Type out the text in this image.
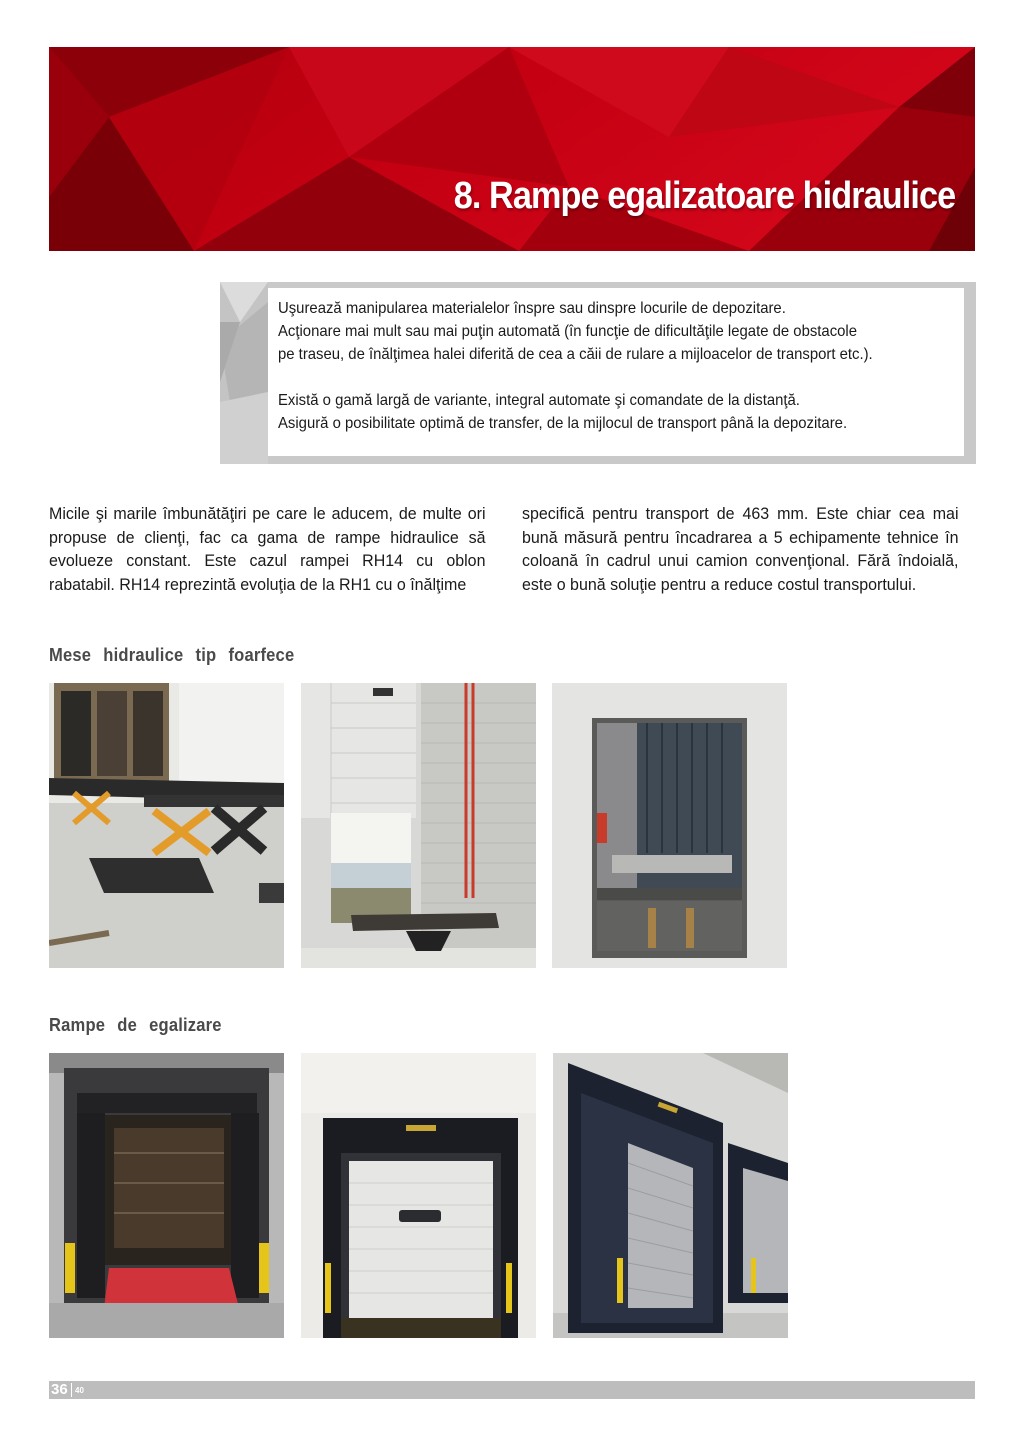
8. Rampe egalizatoare hidraulice

Uşurează manipularea materialelor înspre sau dinspre locurile de depozitare.

Acţionare mai mult sau mai puţin automată (în funcţie de dificultăţile legate de obstacole

pe traseu, de înălţimea halei diferită de cea a căii de rulare a mijloacelor de transport etc.).

Există o gamă largă de variante, integral automate şi comandate de la distanţă.

Asigură o posibilitate optimă de transfer, de la mijlocul de transport până la depozitare.

Micile şi marile îmbunătăţiri pe care le aducem, de multe ori propuse de clienţi, fac ca gama de rampe hidraulice să evolueze constant. Este cazul rampei RH14 cu oblon rabatabil. RH14 reprezintă evoluţia de la RH1 cu o înălţime

specifică pentru transport de 463 mm. Este chiar cea mai bună măsură pentru încadrarea a 5 echipamente tehnice în coloană în cadrul unui camion convenţional. Fără îndoială, este o bună soluţie pentru a reduce costul transportului.

Mese hidraulice tip foarfece
Rampe de egalizare
36 40
